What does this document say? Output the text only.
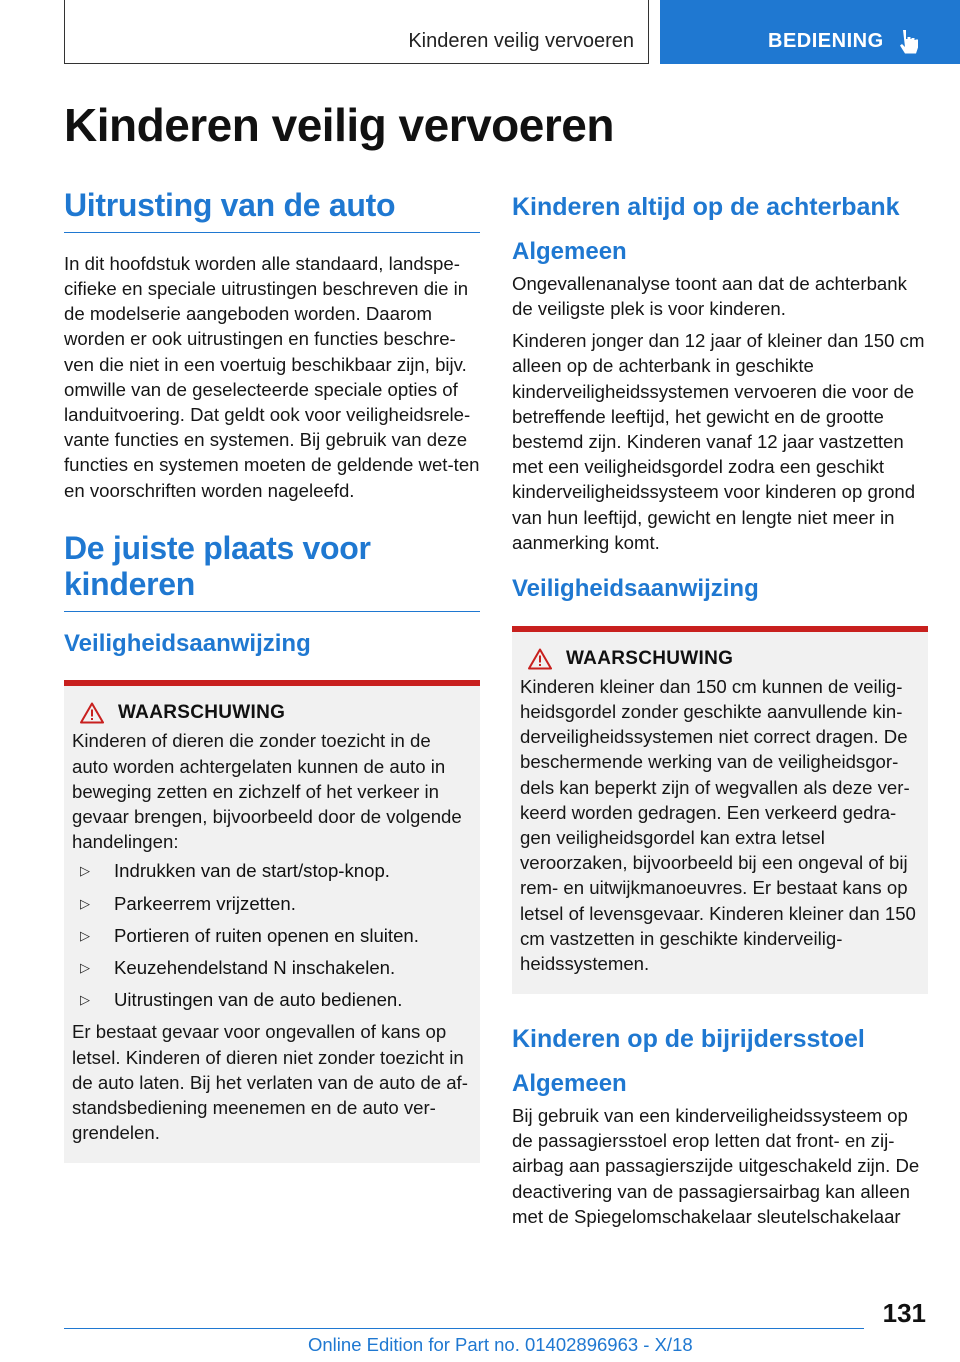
Kinderen veilig vervoeren	BEDIENING
Kinderen veilig vervoeren
Uitrusting van de auto

In dit hoofdstuk worden alle standaard, landspe-cifieke en speciale uitrustingen beschreven die in de modelserie aangeboden worden. Daarom worden er ook uitrustingen en functies beschre-ven die niet in een voertuig beschikbaar zijn, bijv. omwille van de geselecteerde speciale opties of landuitvoering. Dat geldt ook voor veiligheidsrele-vante functies en systemen. Bij gebruik van deze functies en systemen moeten de geldende wet-ten en voorschriften worden nageleefd.

De juiste plaats voor
kinderen
Veiligheidsaanwijzing
WAARSCHUWING

Kinderen of dieren die zonder toezicht in de auto worden achtergelaten kunnen de auto in beweging zetten en zichzelf of het verkeer in gevaar brengen, bijvoorbeeld door de volgende handelingen:

▷	Indrukken van de start/stop-knop.
▷	Parkeerrem vrijzetten.
▷	Portieren of ruiten openen en sluiten.
▷	Keuzehendelstand N inschakelen.
▷	Uitrustingen van de auto bedienen.

Er bestaat gevaar voor ongevallen of kans op letsel. Kinderen of dieren niet zonder toezicht in de auto laten. Bij het verlaten van de auto de af-standsbediening meenemen en de auto ver-grendelen.

Kinderen altijd op de achterbank
Algemeen

Ongevallenanalyse toont aan dat de achterbank de veiligste plek is voor kinderen.

Kinderen jonger dan 12 jaar of kleiner dan 150 cm alleen op de achterbank in geschikte kinderveiligheidssystemen vervoeren die voor de betreffende leeftijd, het gewicht en de grootte bestemd zijn. Kinderen vanaf 12 jaar vastzetten met een veiligheidsgordel zodra een geschikt kinderveiligheidssysteem voor kinderen op grond van hun leeftijd, gewicht en lengte niet meer in aanmerking komt.

Veiligheidsaanwijzing
WAARSCHUWING

Kinderen kleiner dan 150 cm kunnen de veilig-heidsgordel zonder geschikte aanvullende kin-derveiligheidssystemen niet correct dragen. De beschermende werking van de veiligheidsgor-dels kan beperkt zijn of wegvallen als deze ver-keerd worden gedragen. Een verkeerd gedra-gen veiligheidsgordel kan extra letsel veroorzaken, bijvoorbeeld bij een ongeval of bij rem- en uitwijkmanoeuvres. Er bestaat kans op letsel of levensgevaar. Kinderen kleiner dan 150 cm vastzetten in geschikte kinderveilig-heidssystemen.

Kinderen op de bijrijdersstoel
Algemeen

Bij gebruik van een kinderveiligheidssysteem op de passagiersstoel erop letten dat front- en zij-airbag aan passagierszijde uitgeschakeld zijn. De deactivering van de passagiersairbag kan alleen met de Spiegelomschakelaar sleutelschakelaar

131
Online Edition for Part no. 01402896963 - X/18
